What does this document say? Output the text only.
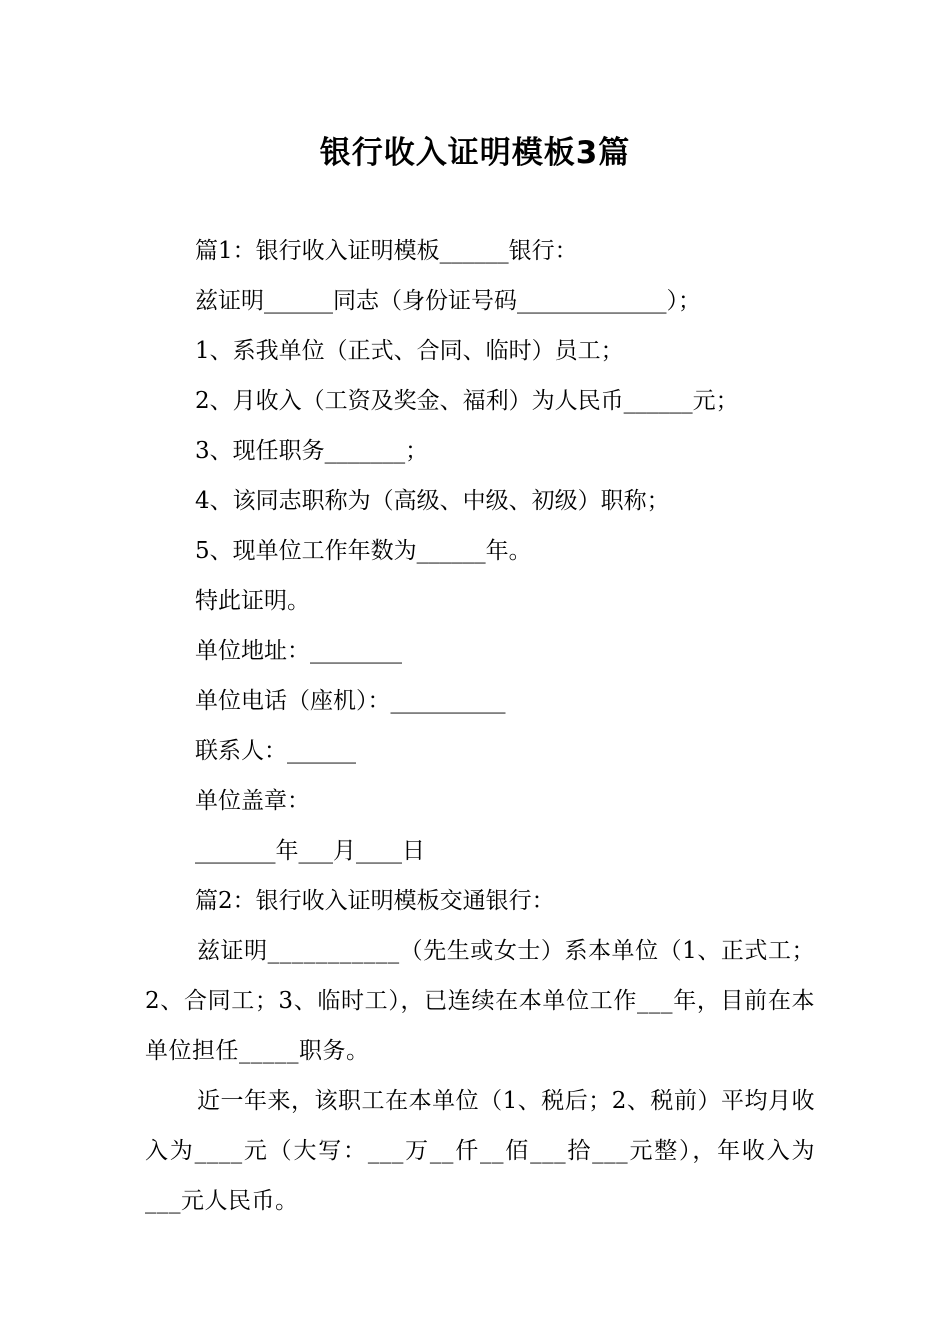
银行收入证明模板3篇
篇1：银行收入证明模板______银行：
兹证明______同志（身份证号码_____________）；
1、系我单位（正式、合同、临时）员工；
2、月收入（工资及奖金、福利）为人民币______元；
3、现任职务_______；
4、该同志职称为（高级、中级、初级）职称；
5、现单位工作年数为______年。
特此证明。
单位地址：________
单位电话（座机）：__________
联系人：______
单位盖章：
_______年___月____日
篇2：银行收入证明模板交通银行：
兹证明___________（先生或女士）系本单位（1、正式工；2、合同工；3、临时工），已连续在本单位工作___年，目前在本单位担任_____职务。
近一年来，该职工在本单位（1、税后；2、税前）平均月收入为____元（大写：___万__仟__佰___拾___元整），年收入为___元人民币。
